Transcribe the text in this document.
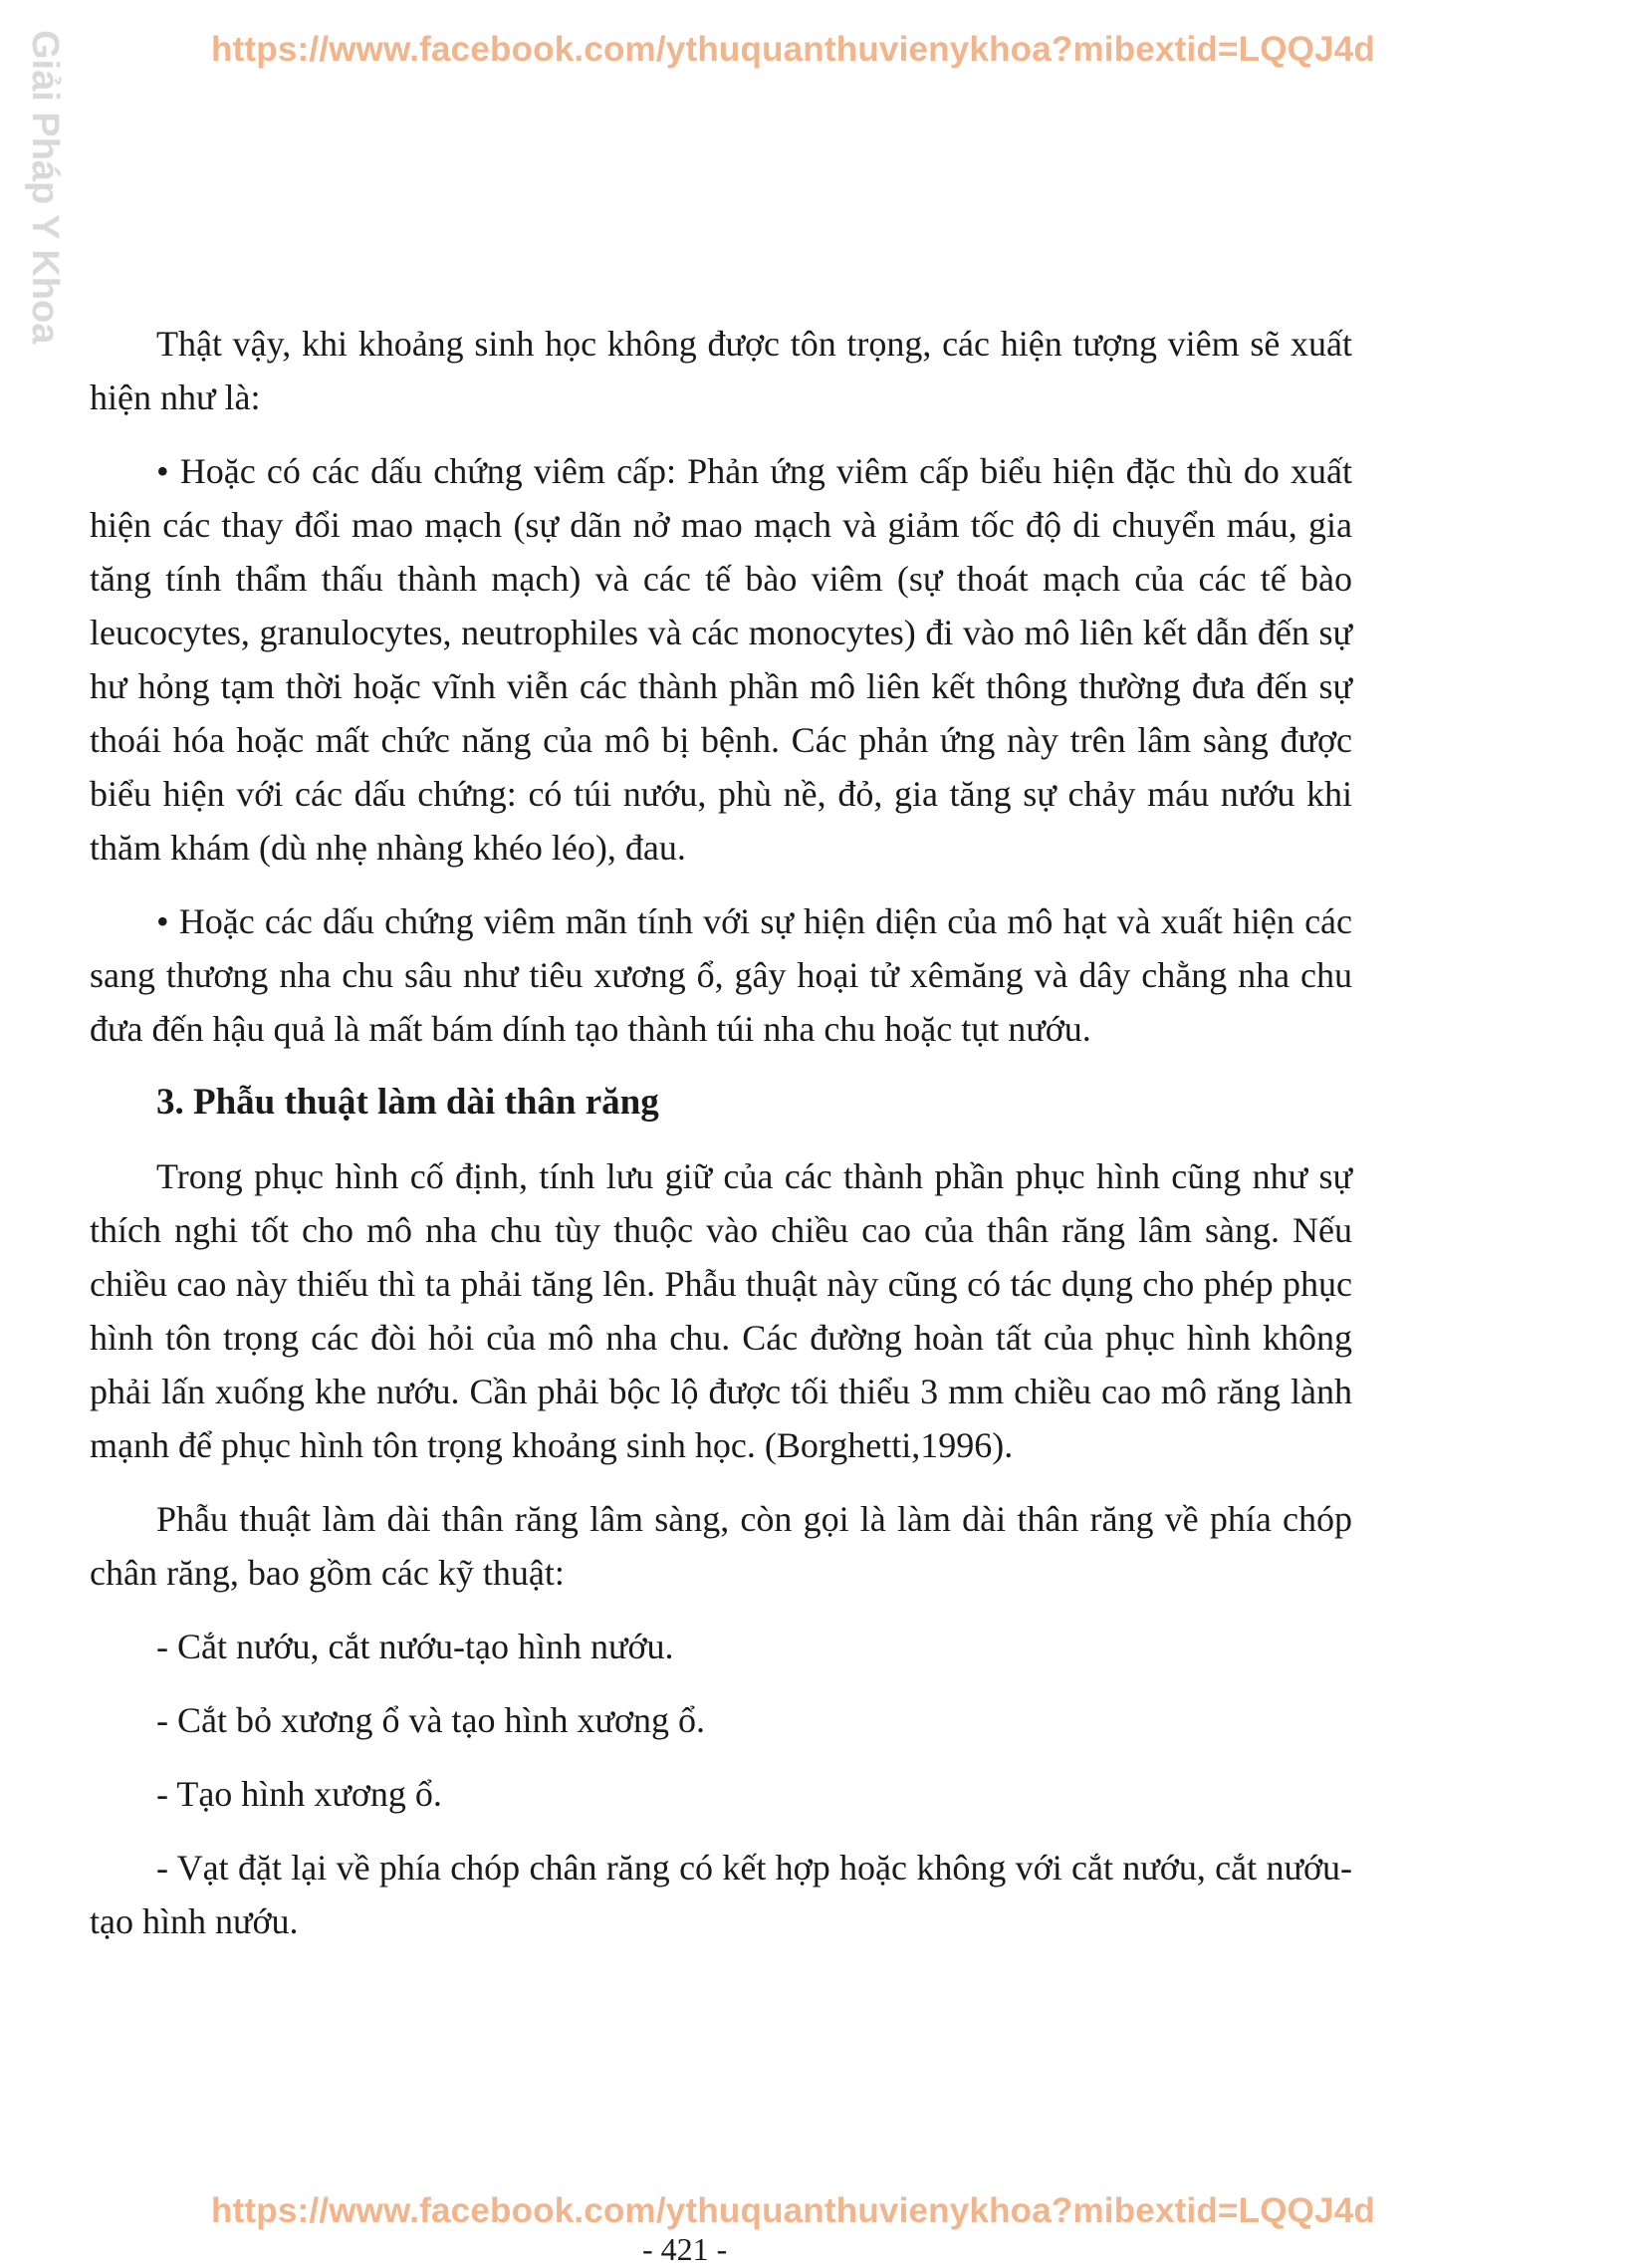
Giải Pháp Y Khoa	https://www.facebook.com/ythuquanthuvienykhoa?mibextid=LQQJ4d

Thật vậy, khi khoảng sinh học không được tôn trọng, các hiện tượng viêm sẽ xuất hiện như là:

• Hoặc có các dấu chứng viêm cấp: Phản ứng viêm cấp biểu hiện đặc thù do xuất hiện các thay đổi mao mạch (sự dãn nở mao mạch và giảm tốc độ di chuyển máu, gia tăng tính thẩm thấu thành mạch) và các tế bào viêm (sự thoát mạch của các tế bào leucocytes, granulocytes, neutrophiles và các monocytes) đi vào mô liên kết dẫn đến sự hư hỏng tạm thời hoặc vĩnh viễn các thành phần mô liên kết thông thường đưa đến sự thoái hóa hoặc mất chức năng của mô bị bệnh. Các phản ứng này trên lâm sàng được biểu hiện với các dấu chứng: có túi nướu, phù nề, đỏ, gia tăng sự chảy máu nướu khi thăm khám (dù nhẹ nhàng khéo léo), đau.

• Hoặc các dấu chứng viêm mãn tính với sự hiện diện của mô hạt và xuất hiện các sang thương nha chu sâu như tiêu xương ổ, gây hoại tử xêmăng và dây chằng nha chu đưa đến hậu quả là mất bám dính tạo thành túi nha chu hoặc tụt nướu.

3. Phẫu thuật làm dài thân răng

Trong phục hình cố định, tính lưu giữ của các thành phần phục hình cũng như sự thích nghi tốt cho mô nha chu tùy thuộc vào chiều cao của thân răng lâm sàng. Nếu chiều cao này thiếu thì ta phải tăng lên. Phẫu thuật này cũng có tác dụng cho phép phục hình tôn trọng các đòi hỏi của mô nha chu. Các đường hoàn tất của phục hình không phải lấn xuống khe nướu. Cần phải bộc lộ được tối thiểu 3 mm chiều cao mô răng lành mạnh để phục hình tôn trọng khoảng sinh học. (Borghetti,1996).

Phẫu thuật làm dài thân răng lâm sàng, còn gọi là làm dài thân răng về phía chóp chân răng, bao gồm các kỹ thuật:

- Cắt nướu, cắt nướu-tạo hình nướu.

- Cắt bỏ xương ổ và tạo hình xương ổ.

- Tạo hình xương ổ.

- Vạt đặt lại về phía chóp chân răng có kết hợp hoặc không với cắt nướu, cắt nướu-tạo hình nướu.

https://www.facebook.com/ythuquanthuvienykhoa?mibextid=LQQJ4d
- 421 -
